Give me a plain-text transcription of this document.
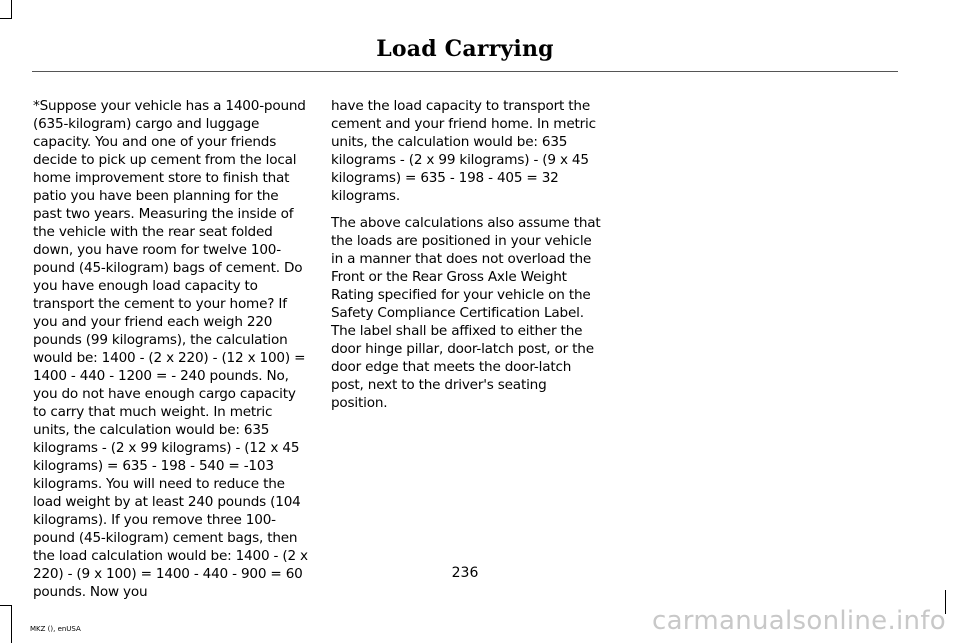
Load Carrying

*Suppose your vehicle has a 1400-pound (635-kilogram) cargo and luggage capacity. You and one of your friends decide to pick up cement from the local home improvement store to finish that patio you have been planning for the past two years. Measuring the inside of the vehicle with the rear seat folded down, you have room for twelve 100-pound (45-kilogram) bags of cement. Do you have enough load capacity to transport the cement to your home? If you and your friend each weigh 220 pounds (99 kilograms), the calculation would be: 1400 - (2 x 220) - (12 x 100) = 1400 - 440 - 1200 = - 240 pounds. No, you do not have enough cargo capacity to carry that much weight. In metric units, the calculation would be: 635 kilograms - (2 x 99 kilograms) - (12 x 45 kilograms) = 635 - 198 - 540 = -103 kilograms. You will need to reduce the load weight by at least 240 pounds (104 kilograms). If you remove three 100-pound (45-kilogram) cement bags, then the load calculation would be: 1400 - (2 x 220) - (9 x 100) = 1400 - 440 - 900 = 60 pounds. Now you

have the load capacity to transport the cement and your friend home. In metric units, the calculation would be: 635 kilograms - (2 x 99 kilograms) - (9 x 45 kilograms) = 635 - 198 - 405 = 32 kilograms.

The above calculations also assume that the loads are positioned in your vehicle in a manner that does not overload the Front or the Rear Gross Axle Weight Rating specified for your vehicle on the Safety Compliance Certification Label. The label shall be affixed to either the door hinge pillar, door-latch post, or the door edge that meets the door-latch post, next to the driver's seating position.

236
MKZ (), enUSA	carmanualsonline.info
